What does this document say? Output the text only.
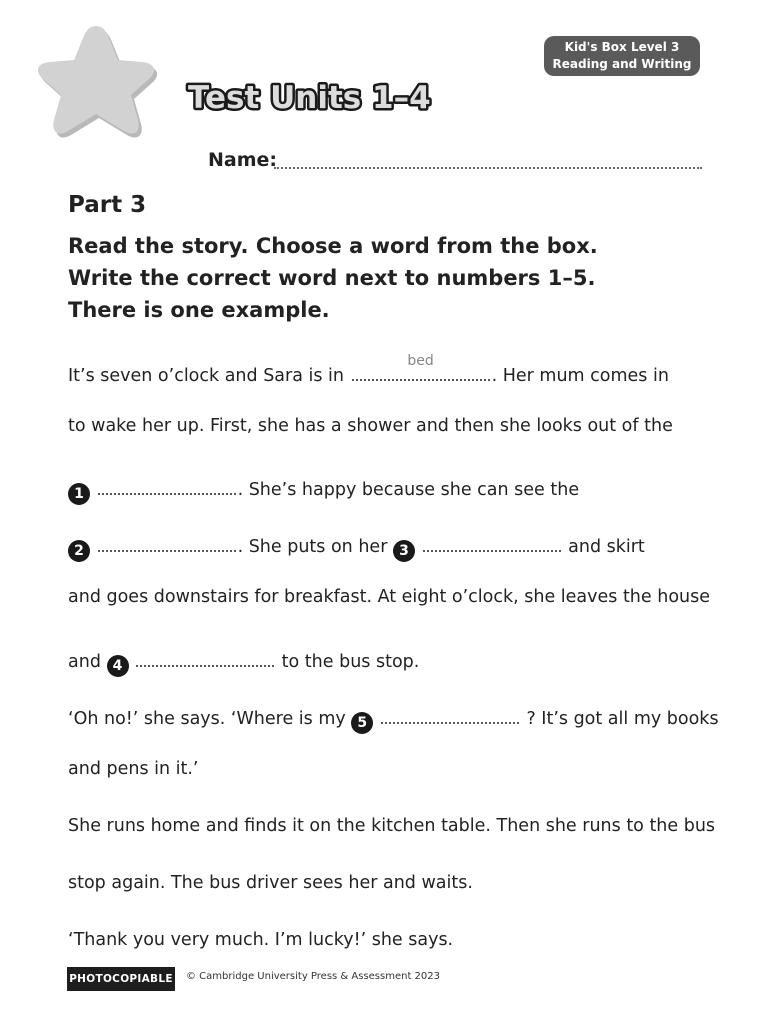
Kid's Box Level 3
Reading and Writing
Test Units 1–4
Name:
Part 3
Read the story. Choose a word from the box.
Write the correct word next to numbers 1–5.
There is one example.
It’s seven o’clock and Sara is in
bed
. Her mum comes in
to wake her up. First, she has a shower and then she looks out of the
1	. She’s happy because she can see the
2	. She puts on her 3	and skirt
and goes downstairs for breakfast. At eight o’clock, she leaves the house
and 4	to the bus stop.
‘Oh no!’ she says. ‘Where is my 5	? It’s got all my books
and pens in it.’
She runs home and finds it on the kitchen table. Then she runs to the bus
stop again. The bus driver sees her and waits.
‘Thank you very much. I’m lucky!’ she says.
PHOTOCOPIABLE © Cambridge University Press & Assessment 2023
